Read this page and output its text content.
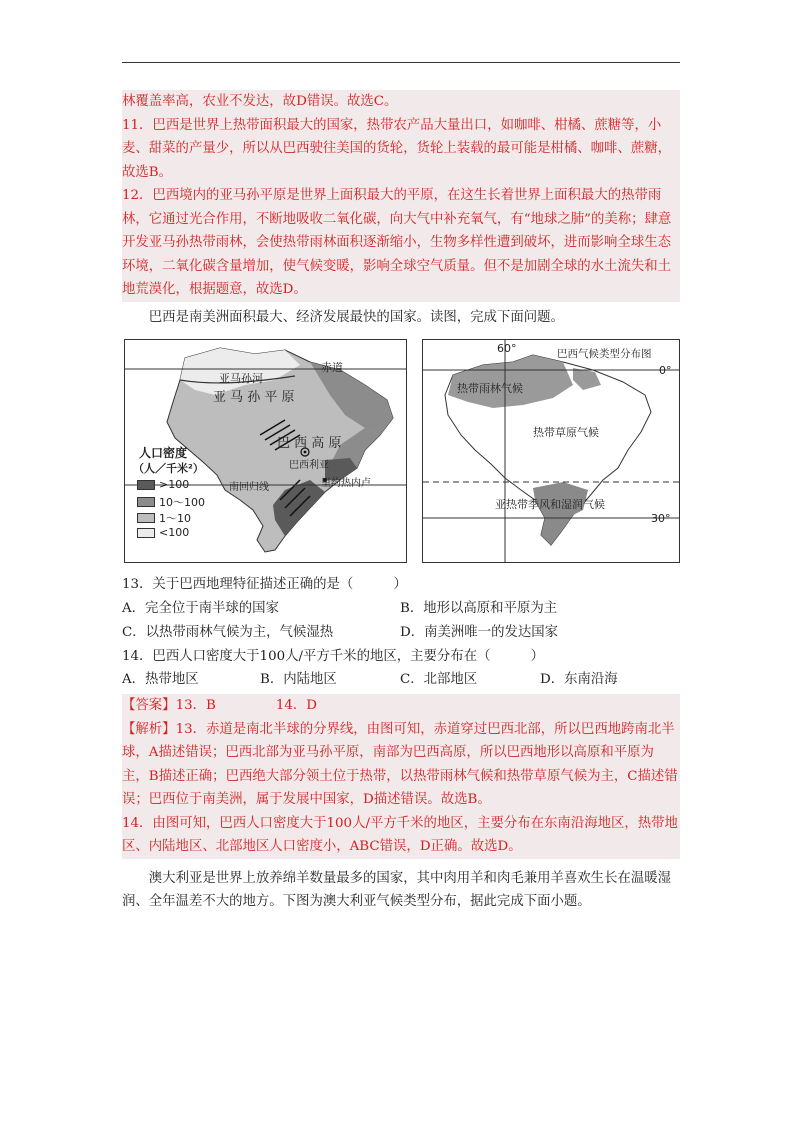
林覆盖率高，农业不发达，故D错误。故选C。

11．巴西是世界上热带面积最大的国家，热带农产品大量出口，如咖啡、柑橘、蔗糖等，小麦、甜菜的产量少，所以从巴西驶往美国的货轮，货轮上装载的最可能是柑橘、咖啡、蔗糖，故选B。

12．巴西境内的亚马孙平原是世界上面积最大的平原，在这生长着世界上面积最大的热带雨林，它通过光合作用，不断地吸收二氧化碳，向大气中补充氧气，有“地球之肺”的美称；肆意开发亚马孙热带雨林，会使热带雨林面积逐渐缩小，生物多样性遭到破坏，进而影响全球生态环境，二氧化碳含量增加，使气候变暖，影响全球空气质量。但不是加剧全球的水土流失和土地荒漠化，根据题意，故选D。

巴西是南美洲面积最大、经济发展最快的国家。读图，完成下面问题。

赤道
亚马孙河
亚 马 孙 平 原
巴 西 高 原
巴西利亚
南回归线	里约热内卢
人口密度
（人／千米²）
>100
10～100
1～10
<100
巴西气候类型分布图
60°
0°
30°
热带雨林气候
热带草原气候
亚热带季风和湿润气候

13．关于巴西地理特征描述正确的是（　　　）

A．完全位于南半球的国家	B．地形以高原和平原为主
C．以热带雨林气候为主，气候湿热	D．南美洲唯一的发达国家

14．巴西人口密度大于100人/平方千米的地区，主要分布在（　　　）

A．热带地区	B．内陆地区	C．北部地区	D．东南沿海

【答案】13．B	14．D

【解析】13．赤道是南北半球的分界线，由图可知，赤道穿过巴西北部，所以巴西地跨南北半球，A描述错误；巴西北部为亚马孙平原，南部为巴西高原，所以巴西地形以高原和平原为主，B描述正确；巴西绝大部分领土位于热带，以热带雨林气候和热带草原气候为主，C描述错误；巴西位于南美洲，属于发展中国家，D描述错误。故选B。

14．由图可知，巴西人口密度大于100人/平方千米的地区，主要分布在东南沿海地区，热带地区、内陆地区、北部地区人口密度小，ABC错误，D正确。故选D。

澳大利亚是世界上放养绵羊数量最多的国家，其中肉用羊和肉毛兼用羊喜欢生长在温暖湿润、全年温差不大的地方。下图为澳大利亚气候类型分布，据此完成下面小题。
